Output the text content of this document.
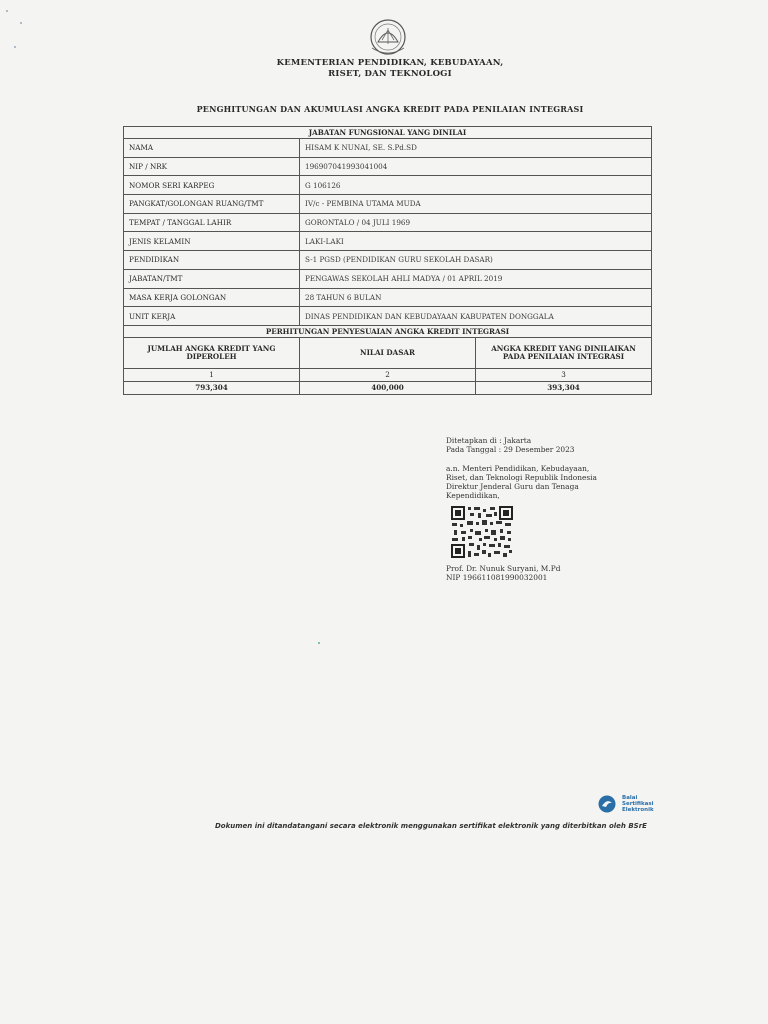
KEMENTERIAN PENDIDIKAN, KEBUDAYAAN,
RISET, DAN TEKNOLOGI
PENGHITUNGAN DAN AKUMULASI ANGKA KREDIT PADA PENILAIAN INTEGRASI
JABATAN FUNGSIONAL YANG DINILAI		
NAMA	HISAM K NUNAI, SE. S.Pd.SD	
NIP / NRK	196907041993041004	
NOMOR SERI KARPEG	G 106126	
PANGKAT/GOLONGAN RUANG/TMT	IV/c - PEMBINA UTAMA MUDA	
TEMPAT / TANGGAL LAHIR	GORONTALO / 04 JULI 1969	
JENIS KELAMIN	LAKI-LAKI	
PENDIDIKAN	S-1 PGSD (PENDIDIKAN GURU SEKOLAH DASAR)	
JABATAN/TMT	PENGAWAS SEKOLAH AHLI MADYA / 01 APRIL 2019	
MASA KERJA GOLONGAN	28 TAHUN 6 BULAN	
UNIT KERJA	DINAS PENDIDIKAN DAN KEBUDAYAAN KABUPATEN DONGGALA	
PERHITUNGAN PENYESUAIAN ANGKA KREDIT INTEGRASI		
JUMLAH ANGKA KREDIT YANG DIPEROLEH	NILAI DASAR	ANGKA KREDIT YANG DINILAIKAN PADA PENILAIAN INTEGRASI
1	2	3
793,304	400,000	393,304
Ditetapkan di : Jakarta
Pada Tanggal : 29 Desember 2023
a.n. Menteri Pendidikan, Kebudayaan,
Riset, dan Teknologi Republik Indonesia
Direktur Jenderal Guru dan Tenaga
Kependidikan,
Prof. Dr. Nunuk Suryani, M.Pd
NIP 196611081990032001
Balai
Sertifikasi
Elektronik
Dokumen ini ditandatangani secara elektronik menggunakan sertifikat elektronik yang diterbitkan oleh BSrE
